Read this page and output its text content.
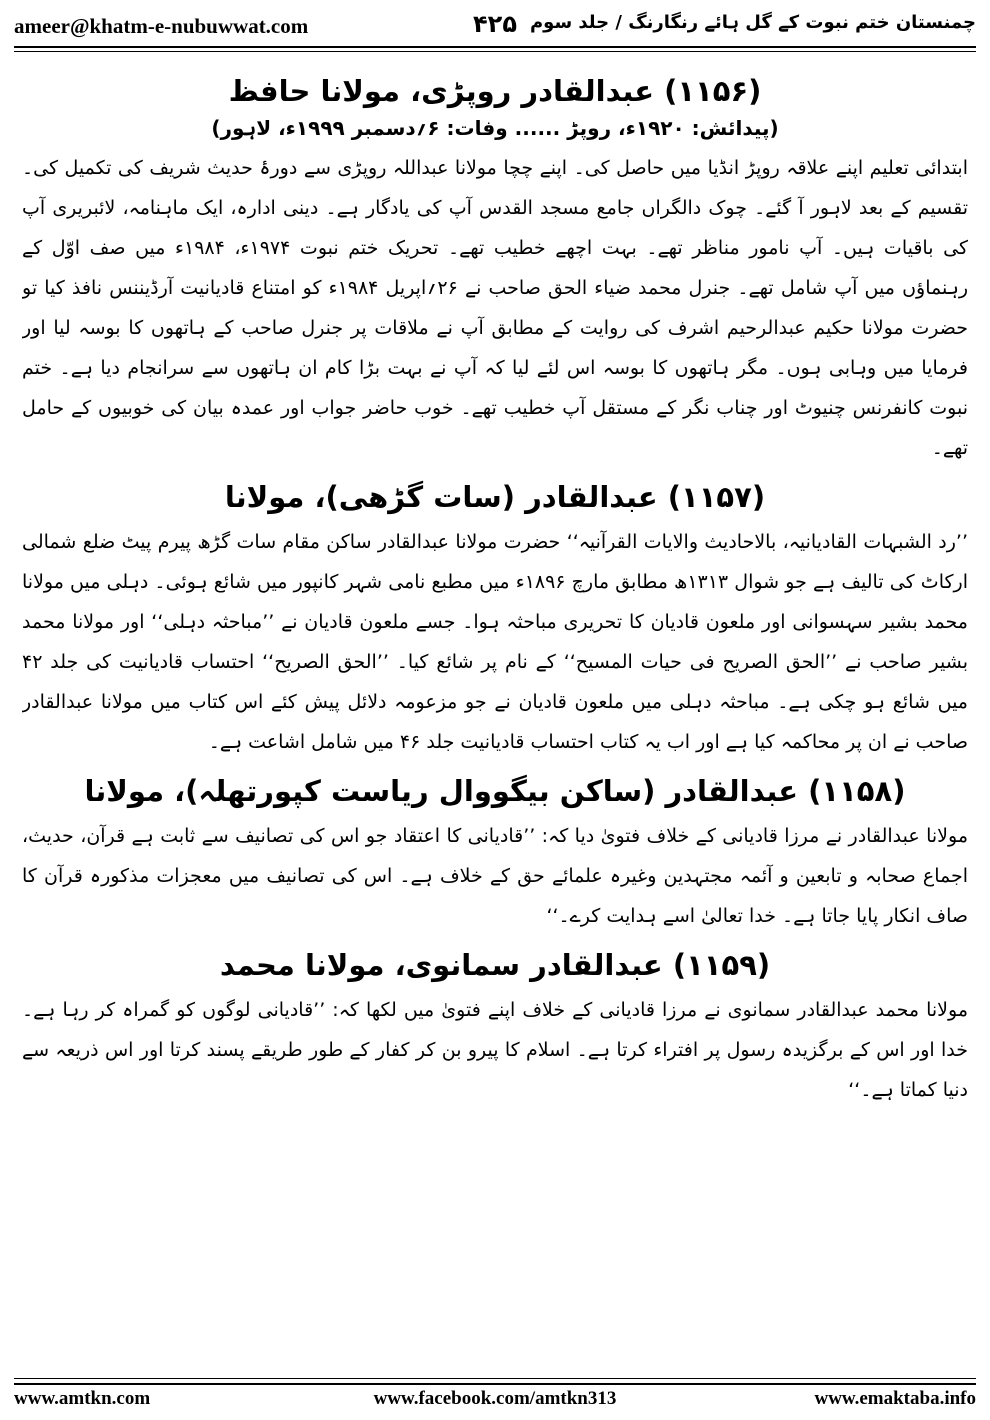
ameer@khatm-e-nubuwwat.com	۴۲۵ چمنستان ختم نبوت کے گل ہائے رنگارنگ / جلد سوم
(۱۱۵۶) عبدالقادر روپڑی، مولانا حافظ
(پیدائش: ۱۹۲۰ء، روپڑ ...... وفات: ۶؍دسمبر ۱۹۹۹ء، لاہور)

ابتدائی تعلیم اپنے علاقہ روپڑ انڈیا میں حاصل کی۔ اپنے چچا مولانا عبداللہ روپڑی سے دورۂ حدیث شریف کی تکمیل کی۔ تقسیم کے بعد لاہور آ گئے۔ چوک دالگراں جامع مسجد القدس آپ کی یادگار ہے۔ دینی ادارہ، ایک ماہنامہ، لائبریری آپ کی باقیات ہیں۔ آپ نامور مناظر تھے۔ بہت اچھے خطیب تھے۔ تحریک ختم نبوت ۱۹۷۴ء، ۱۹۸۴ء میں صف اوّل کے رہنماؤں میں آپ شامل تھے۔ جنرل محمد ضیاء الحق صاحب نے ۲۶؍اپریل ۱۹۸۴ء کو امتناع قادیانیت آرڈیننس نافذ کیا تو حضرت مولانا حکیم عبدالرحیم اشرف کی روایت کے مطابق آپ نے ملاقات پر جنرل صاحب کے ہاتھوں کا بوسہ لیا اور فرمایا میں وہابی ہوں۔ مگر ہاتھوں کا بوسہ اس لئے لیا کہ آپ نے بہت بڑا کام ان ہاتھوں سے سرانجام دیا ہے۔ ختم نبوت کانفرنس چنیوٹ اور چناب نگر کے مستقل آپ خطیب تھے۔ خوب حاضر جواب اور عمدہ بیان کی خوبیوں کے حامل تھے۔

(۱۱۵۷) عبدالقادر (سات گڑھی)، مولانا

’’رد الشبہات القادیانیہ، بالاحادیث والایات القرآنیہ‘‘ حضرت مولانا عبدالقادر ساکن مقام سات گڑھ پیرم پیٹ ضلع شمالی ارکاٹ کی تالیف ہے جو شوال ۱۳۱۳ھ مطابق مارچ ۱۸۹۶ء میں مطبع نامی شہر کانپور میں شائع ہوئی۔ دہلی میں مولانا محمد بشیر سہسوانی اور ملعون قادیان کا تحریری مباحثہ ہوا۔ جسے ملعون قادیان نے ’’مباحثہ دہلی‘‘ اور مولانا محمد بشیر صاحب نے ’’الحق الصریح فی حیات المسیح‘‘ کے نام پر شائع کیا۔ ’’الحق الصریح‘‘ احتساب قادیانیت کی جلد ۴۲ میں شائع ہو چکی ہے۔ مباحثہ دہلی میں ملعون قادیان نے جو مزعومہ دلائل پیش کئے اس کتاب میں مولانا عبدالقادر صاحب نے ان پر محاکمہ کیا ہے اور اب یہ کتاب احتساب قادیانیت جلد ۴۶ میں شامل اشاعت ہے۔

(۱۱۵۸) عبدالقادر (ساکن بیگووال ریاست کپورتھلہ)، مولانا

مولانا عبدالقادر نے مرزا قادیانی کے خلاف فتویٰ دیا کہ: ’’قادیانی کا اعتقاد جو اس کی تصانیف سے ثابت ہے قرآن، حدیث، اجماع صحابہ و تابعین و آئمہ مجتہدین وغیرہ علمائے حق کے خلاف ہے۔ اس کی تصانیف میں معجزات مذکورہ قرآن کا صاف انکار پایا جاتا ہے۔ خدا تعالیٰ اسے ہدایت کرے۔‘‘

(۱۱۵۹) عبدالقادر سمانوی، مولانا محمد

مولانا محمد عبدالقادر سمانوی نے مرزا قادیانی کے خلاف اپنے فتویٰ میں لکھا کہ: ’’قادیانی لوگوں کو گمراہ کر رہا ہے۔ خدا اور اس کے برگزیدہ رسول پر افتراء کرتا ہے۔ اسلام کا پیرو بن کر کفار کے طور طریقے پسند کرتا اور اس ذریعہ سے دنیا کماتا ہے۔‘‘

www.amtkn.com	www.facebook.com/amtkn313	www.emaktaba.info
